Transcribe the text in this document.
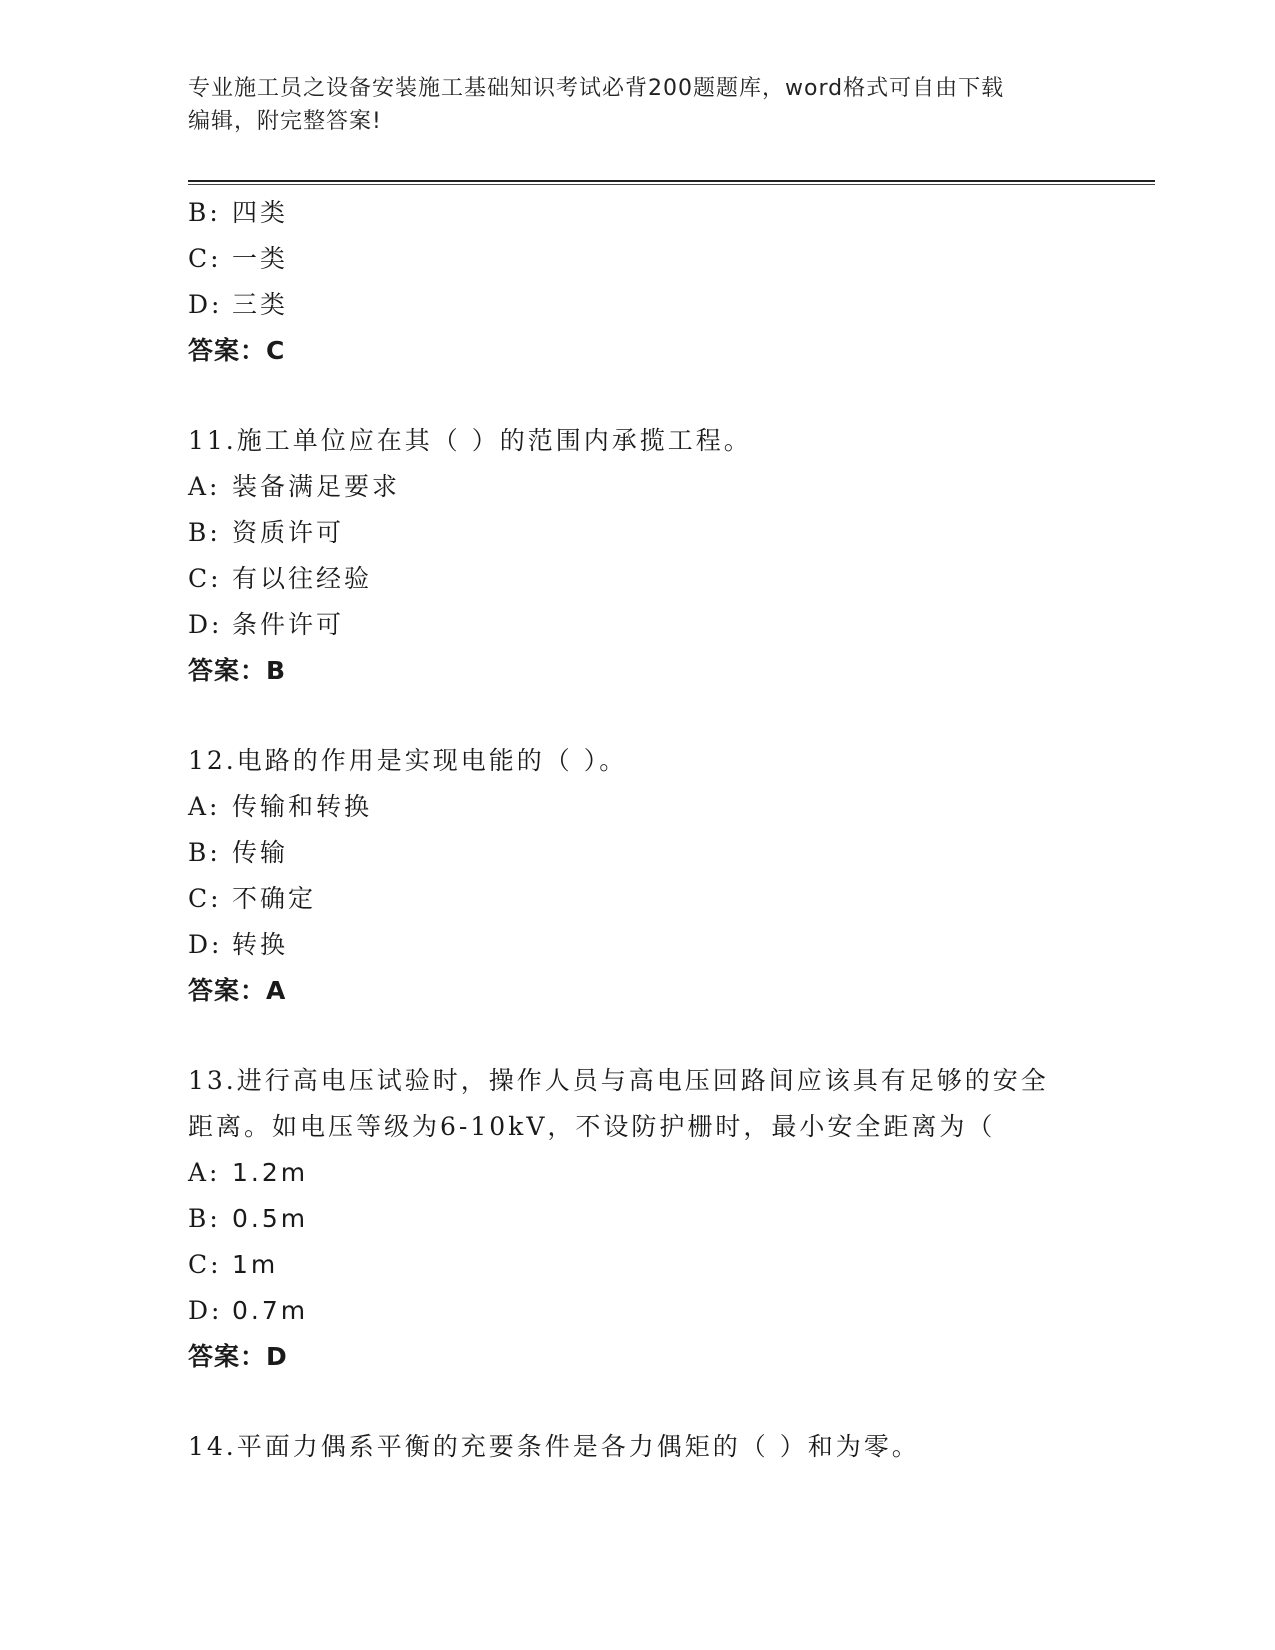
专业施工员之设备安装施工基础知识考试必背200题题库，word格式可自由下载
编辑，附完整答案!
B: 四类
C: 一类
D: 三类
答案：C
11.施工单位应在其（ ）的范围内承揽工程。
A: 装备满足要求
B: 资质许可
C: 有以往经验
D: 条件许可
答案：B
12.电路的作用是实现电能的（ ）。
A: 传输和转换
B: 传输
C: 不确定
D: 转换
答案：A
13.进行高电压试验时，操作人员与高电压回路间应该具有足够的安全
距离。如电压等级为6-10kV，不设防护栅时，最小安全距离为（
A: 1.2m
B: 0.5m
C: 1m
D: 0.7m
答案：D
14.平面力偶系平衡的充要条件是各力偶矩的（ ）和为零。
